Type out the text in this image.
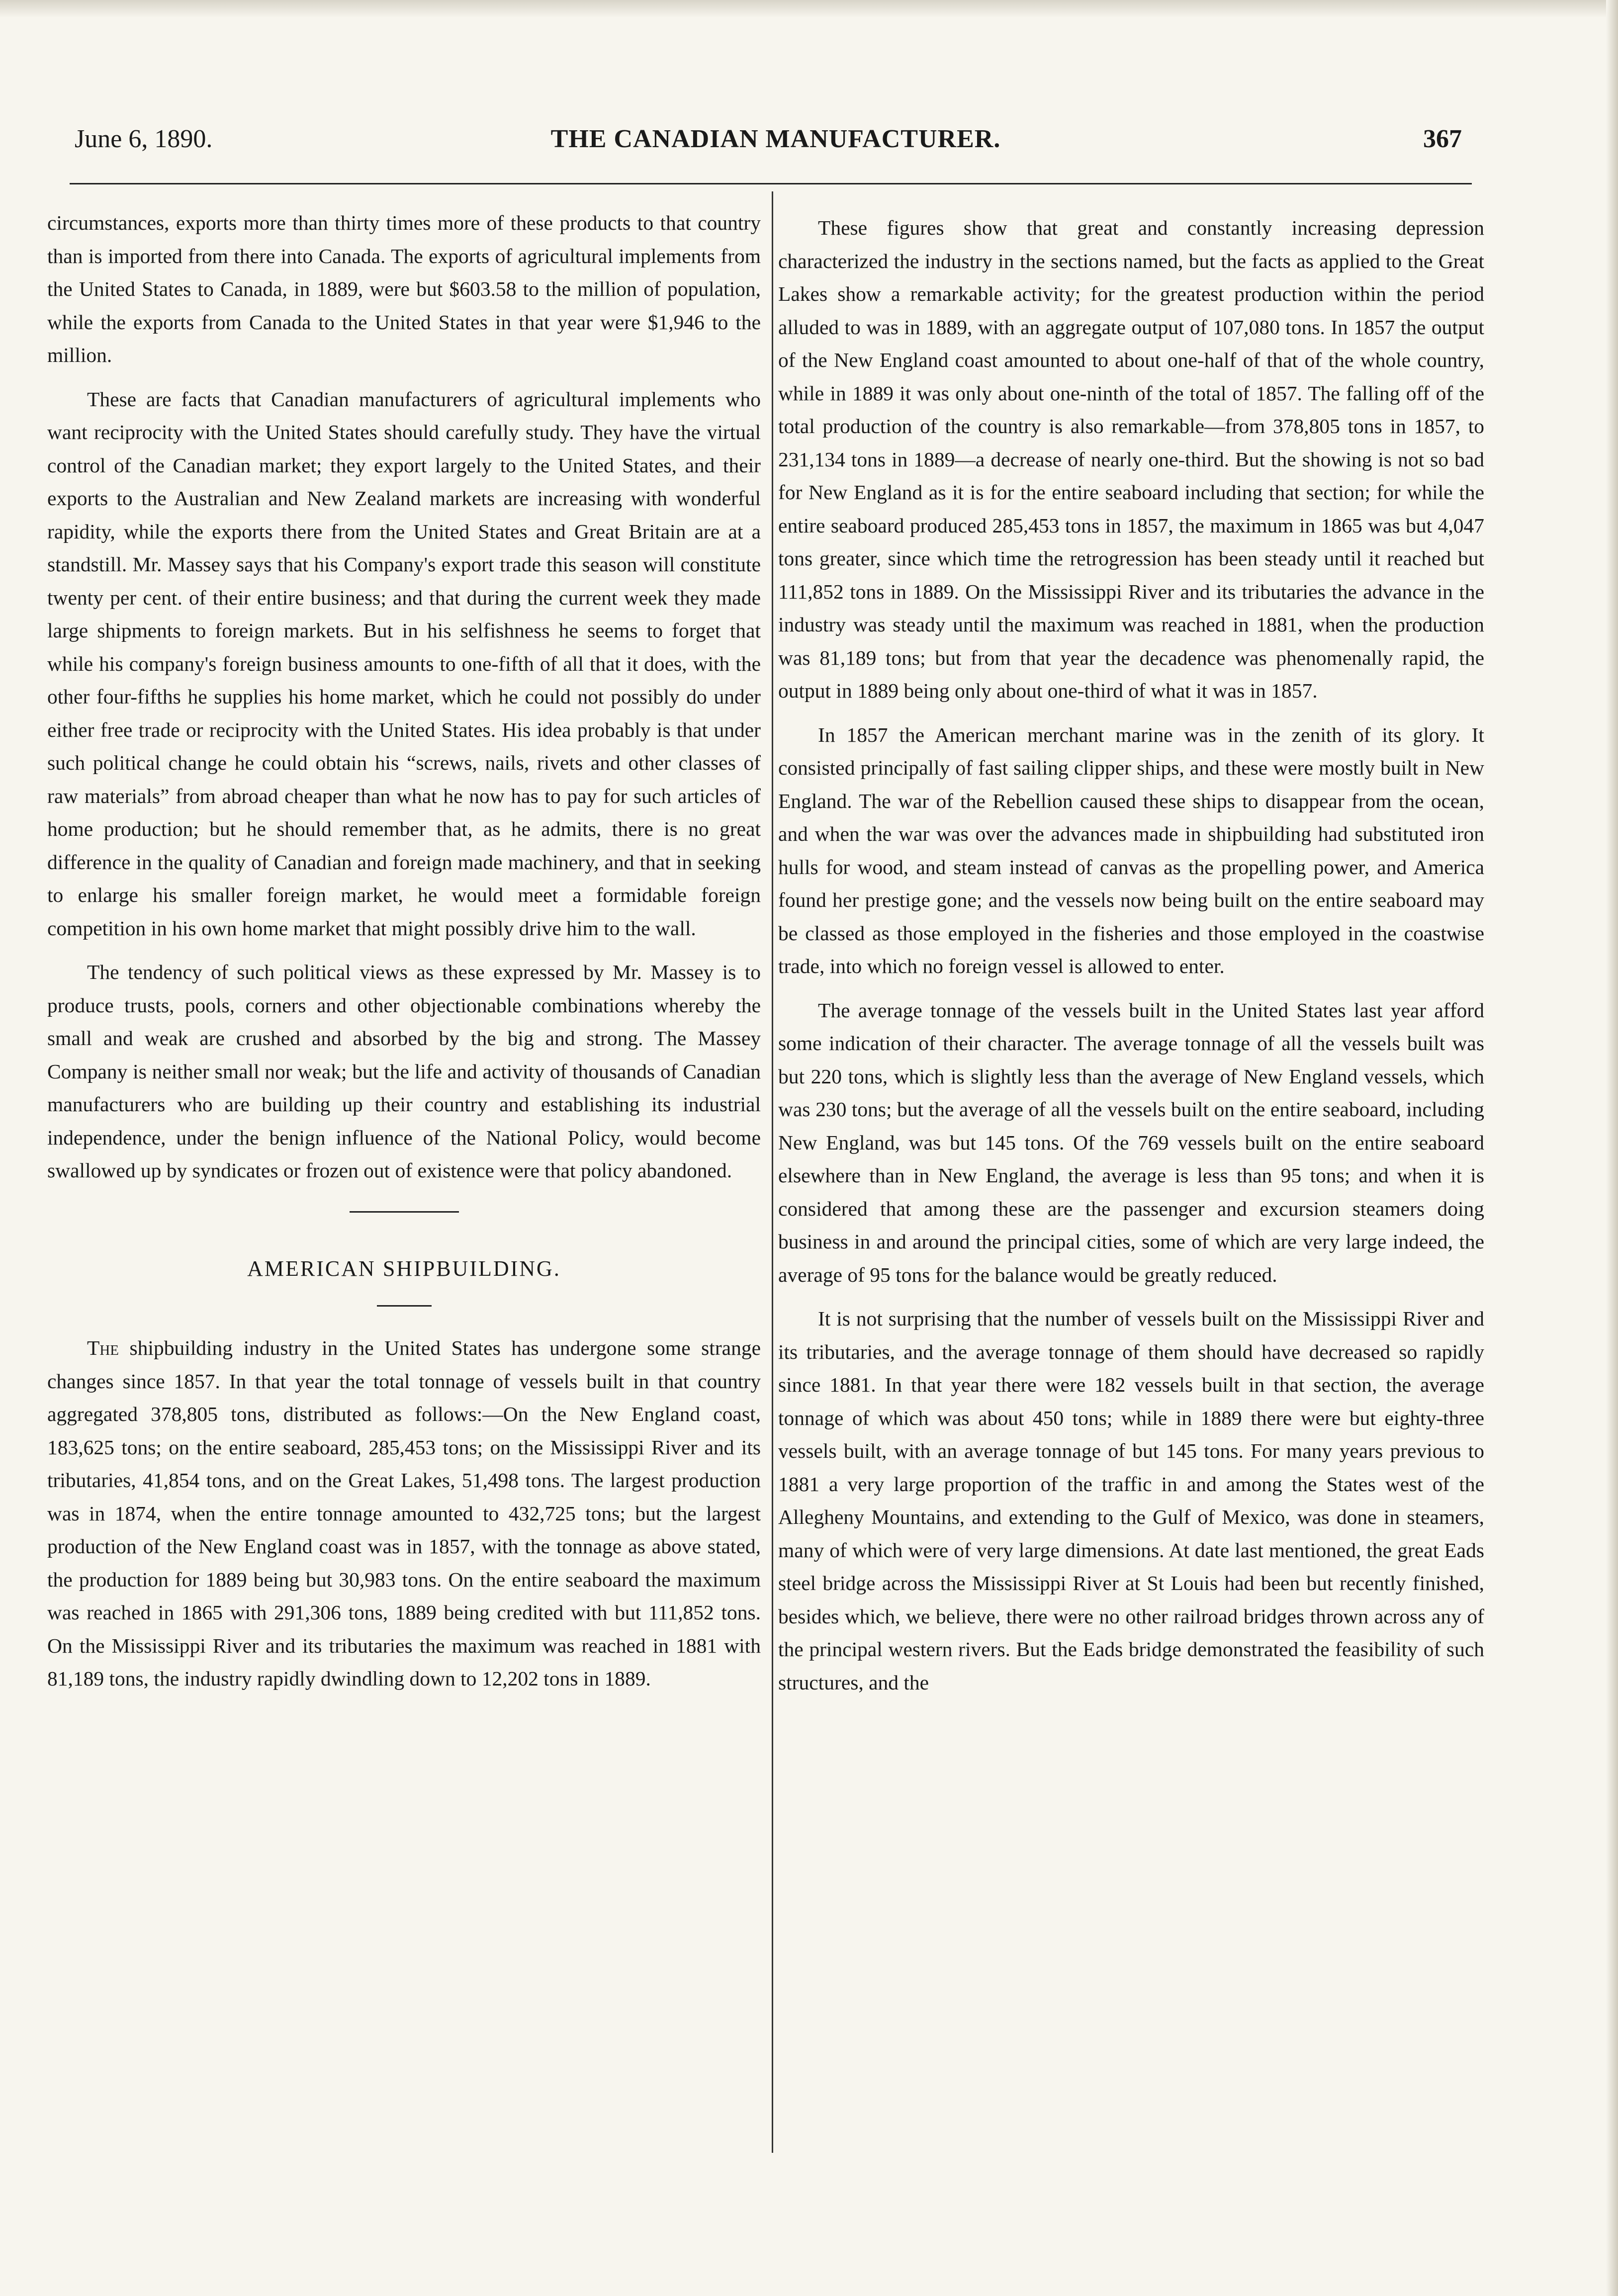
THE CANADIAN MANUFACTURER.
June 6, 1890.	367

circumstances, exports more than thirty times more of these products to that country than is imported from there into Canada. The exports of agricultural implements from the United States to Canada, in 1889, were but $603.58 to the million of population, while the exports from Canada to the United States in that year were $1,946 to the million.

These are facts that Canadian manufacturers of agricultural implements who want reciprocity with the United States should carefully study. They have the virtual control of the Canadian market; they export largely to the United States, and their exports to the Australian and New Zealand markets are increasing with wonderful rapidity, while the exports there from the United States and Great Britain are at a standstill. Mr. Massey says that his Company's export trade this season will constitute twenty per cent. of their entire business; and that during the current week they made large shipments to foreign markets. But in his selfishness he seems to forget that while his company's foreign business amounts to one-fifth of all that it does, with the other four-fifths he supplies his home market, which he could not possibly do under either free trade or reciprocity with the United States. His idea probably is that under such political change he could obtain his “screws, nails, rivets and other classes of raw materials” from abroad cheaper than what he now has to pay for such articles of home production; but he should remember that, as he admits, there is no great difference in the quality of Canadian and foreign made machinery, and that in seeking to enlarge his smaller foreign market, he would meet a formidable foreign competition in his own home market that might possibly drive him to the wall.

The tendency of such political views as these expressed by Mr. Massey is to produce trusts, pools, corners and other objectionable combinations whereby the small and weak are crushed and absorbed by the big and strong. The Massey Company is neither small nor weak; but the life and activity of thousands of Canadian manufacturers who are building up their country and establishing its industrial independence, under the benign influence of the National Policy, would become swallowed up by syndicates or frozen out of existence were that policy abandoned.

AMERICAN SHIPBUILDING.

The shipbuilding industry in the United States has undergone some strange changes since 1857. In that year the total tonnage of vessels built in that country aggregated 378,805 tons, distributed as follows:—On the New England coast, 183,625 tons; on the entire seaboard, 285,453 tons; on the Mississippi River and its tributaries, 41,854 tons, and on the Great Lakes, 51,498 tons. The largest production was in 1874, when the entire tonnage amounted to 432,725 tons; but the largest production of the New England coast was in 1857, with the tonnage as above stated, the production for 1889 being but 30,983 tons. On the entire seaboard the maximum was reached in 1865 with 291,306 tons, 1889 being credited with but 111,852 tons. On the Mississippi River and its tributaries the maximum was reached in 1881 with 81,189 tons, the industry rapidly dwindling down to 12,202 tons in 1889.

These figures show that great and constantly increasing depression characterized the industry in the sections named, but the facts as applied to the Great Lakes show a remarkable activity; for the greatest production within the period alluded to was in 1889, with an aggregate output of 107,080 tons. In 1857 the output of the New England coast amounted to about one-half of that of the whole country, while in 1889 it was only about one-ninth of the total of 1857. The falling off of the total production of the country is also remarkable—from 378,805 tons in 1857, to 231,134 tons in 1889—a decrease of nearly one-third. But the showing is not so bad for New England as it is for the entire seaboard including that section; for while the entire seaboard produced 285,453 tons in 1857, the maximum in 1865 was but 4,047 tons greater, since which time the retrogression has been steady until it reached but 111,852 tons in 1889. On the Mississippi River and its tributaries the advance in the industry was steady until the maximum was reached in 1881, when the production was 81,189 tons; but from that year the decadence was phenomenally rapid, the output in 1889 being only about one-third of what it was in 1857.

In 1857 the American merchant marine was in the zenith of its glory. It consisted principally of fast sailing clipper ships, and these were mostly built in New England. The war of the Rebellion caused these ships to disappear from the ocean, and when the war was over the advances made in shipbuilding had substituted iron hulls for wood, and steam instead of canvas as the propelling power, and America found her prestige gone; and the vessels now being built on the entire seaboard may be classed as those employed in the fisheries and those employed in the coastwise trade, into which no foreign vessel is allowed to enter.

The average tonnage of the vessels built in the United States last year afford some indication of their character. The average tonnage of all the vessels built was but 220 tons, which is slightly less than the average of New England vessels, which was 230 tons; but the average of all the vessels built on the entire seaboard, including New England, was but 145 tons. Of the 769 vessels built on the entire seaboard elsewhere than in New England, the average is less than 95 tons; and when it is considered that among these are the passenger and excursion steamers doing business in and around the principal cities, some of which are very large indeed, the average of 95 tons for the balance would be greatly reduced.

It is not surprising that the number of vessels built on the Mississippi River and its tributaries, and the average tonnage of them should have decreased so rapidly since 1881. In that year there were 182 vessels built in that section, the average tonnage of which was about 450 tons; while in 1889 there were but eighty-three vessels built, with an average tonnage of but 145 tons. For many years previous to 1881 a very large proportion of the traffic in and among the States west of the Allegheny Mountains, and extending to the Gulf of Mexico, was done in steamers, many of which were of very large dimensions. At date last mentioned, the great Eads steel bridge across the Mississippi River at St Louis had been but recently finished, besides which, we believe, there were no other railroad bridges thrown across any of the principal western rivers. But the Eads bridge demonstrated the feasibility of such structures, and the
